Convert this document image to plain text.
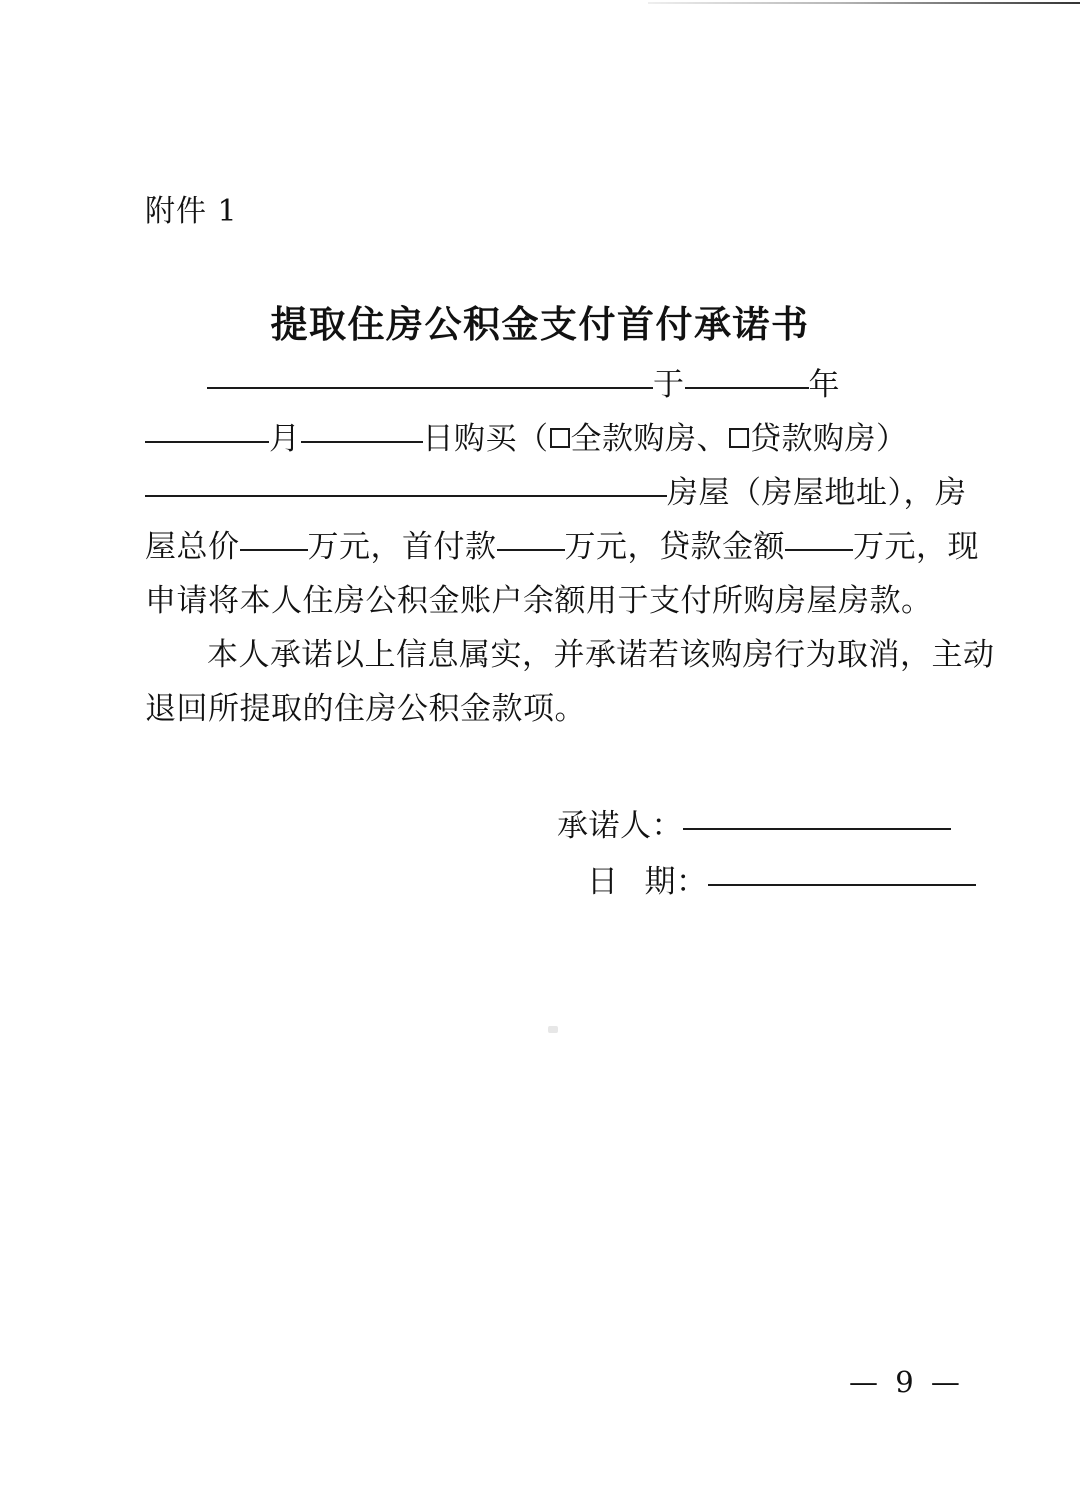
附件 1
提取住房公积金支付首付承诺书
于	年
月	日购买（ 全款购房、 贷款购房）
房屋（房屋地址），房
屋总价 万元，首付款 万元，贷款金额 万元，现
申请将本人住房公积金账户余额用于支付所购房屋房款。
本人承诺以上信息属实，并承诺若该购房行为取消，主动
退回所提取的住房公积金款项。
承诺人：
日 期：

— 9 —
